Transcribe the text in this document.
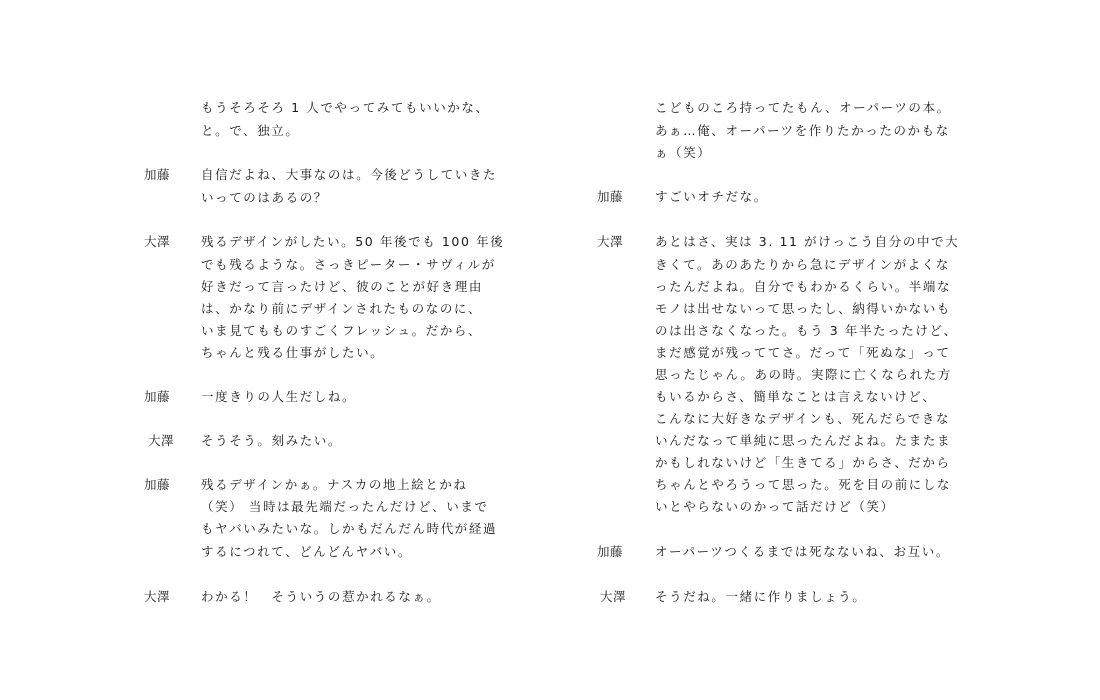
もうそろそろ 1 人でやってみてもいいかな、
と。で、独立。
加藤 自信だよね、大事なのは。今後どうしていきた
いってのはあるの？
大澤 残るデザインがしたい。50 年後でも 100 年後
でも残るような。さっきピーター・サヴィルが
好きだって言ったけど、彼のことが好き理由
は、かなり前にデザインされたものなのに、
いま見てもものすごくフレッシュ。だから、
ちゃんと残る仕事がしたい。
加藤 一度きりの人生だしね。
大澤 そうそう。刻みたい。
加藤 残るデザインかぁ。ナスカの地上絵とかね
（笑） 当時は最先端だったんだけど、いまで
もヤバいみたいな。しかもだんだん時代が経過
するにつれて、どんどんヤバい。
大澤 わかる！　そういうの惹かれるなぁ。
こどものころ持ってたもん、オーパーツの本。
あぁ…俺、オーパーツを作りたかったのかもな
ぁ（笑）
加藤	すごいオチだな。
大澤	あとはさ、実は 3. 11 がけっこう自分の中で大
きくて。あのあたりから急にデザインがよくな
ったんだよね。自分でもわかるくらい。半端な
モノは出せないって思ったし、納得いかないも
のは出さなくなった。もう 3 年半たったけど、
まだ感覚が残っててさ。だって「死ぬな」って
思ったじゃん。あの時。実際に亡くなられた方
もいるからさ、簡単なことは言えないけど、
こんなに大好きなデザインも、死んだらできな
いんだなって単純に思ったんだよね。たまたま
かもしれないけど「生きてる」からさ、だから
ちゃんとやろうって思った。死を目の前にしな
いとやらないのかって話だけど（笑）
加藤	オーパーツつくるまでは死なないね、お互い。
大澤 そうだね。一緒に作りましょう。
